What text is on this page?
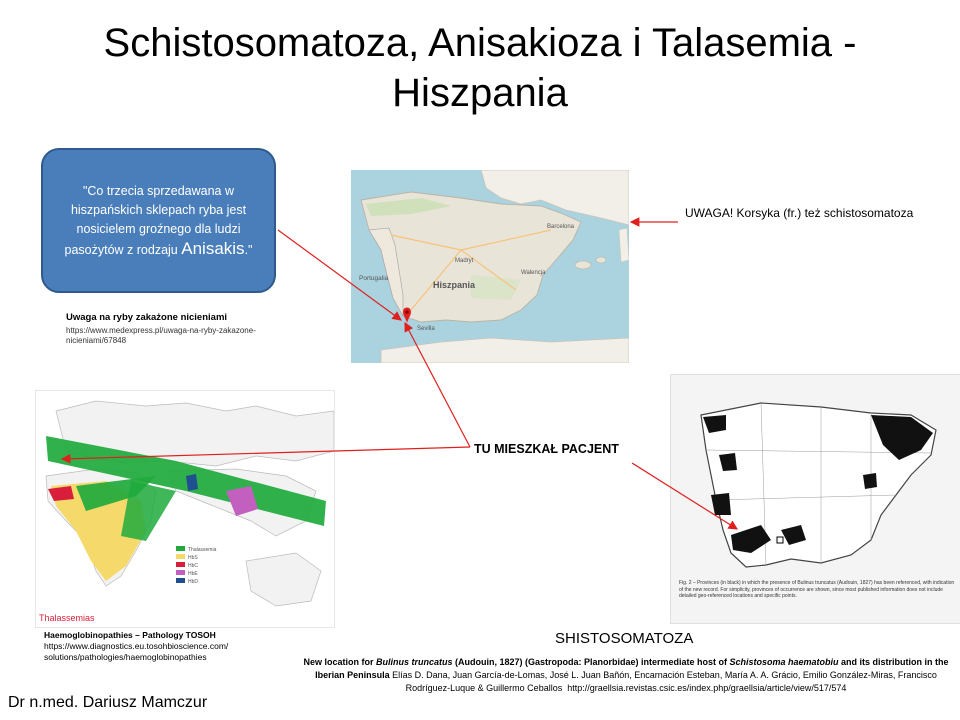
Schistosomatoza, Anisakioza i Talasemia - Hiszpania
"Co trzecia sprzedawana w hiszpańskich sklepach ryba jest nosicielem groźnego dla ludzi pasożytów z rodzaju Anisakis."
Uwaga na ryby zakażone nicieniami
https://www.medexpress.pl/uwaga-na-ryby-zakazone-nicieniami/67848
Hiszpania
Portugalia
Sevilla
Madryt
Barcelona
Walencja
UWAGA! Korsyka (fr.) też schistosomatoza
TU MIESZKAŁ PACJENT
Thalassemia
HbS
HbC
HbE
HbD
Thalassemias
Haemoglobinopathies – Pathology TOSOH
https://www.diagnostics.eu.tosohbioscience.com/
solutions/pathologies/haemoglobinopathies
Fig. 2 – Provinces (in black) in which the presence of Bulinus truncatus (Audouin, 1827) has been referenced, with indication of the new record. For simplicity, provinces of occurrence are shown, since most published information does not include detailed geo-referenced locations and specific points.
SHISTOSOMATOZA
New location for Bulinus truncatus (Audouin, 1827) (Gastropoda: Planorbidae) intermediate host of Schistosoma haematobiu and its distribution in the Iberian Peninsula Elías D. Dana, Juan García-de-Lomas, José L. Juan Bañón, Encarnación Esteban, María A. A. Grácio, Emilio González-Miras, Francisco Rodríguez-Luque & Guillermo Ceballos http://graellsia.revistas.csic.es/index.php/graellsia/article/view/517/574
Dr n.med. Dariusz Mamczur
